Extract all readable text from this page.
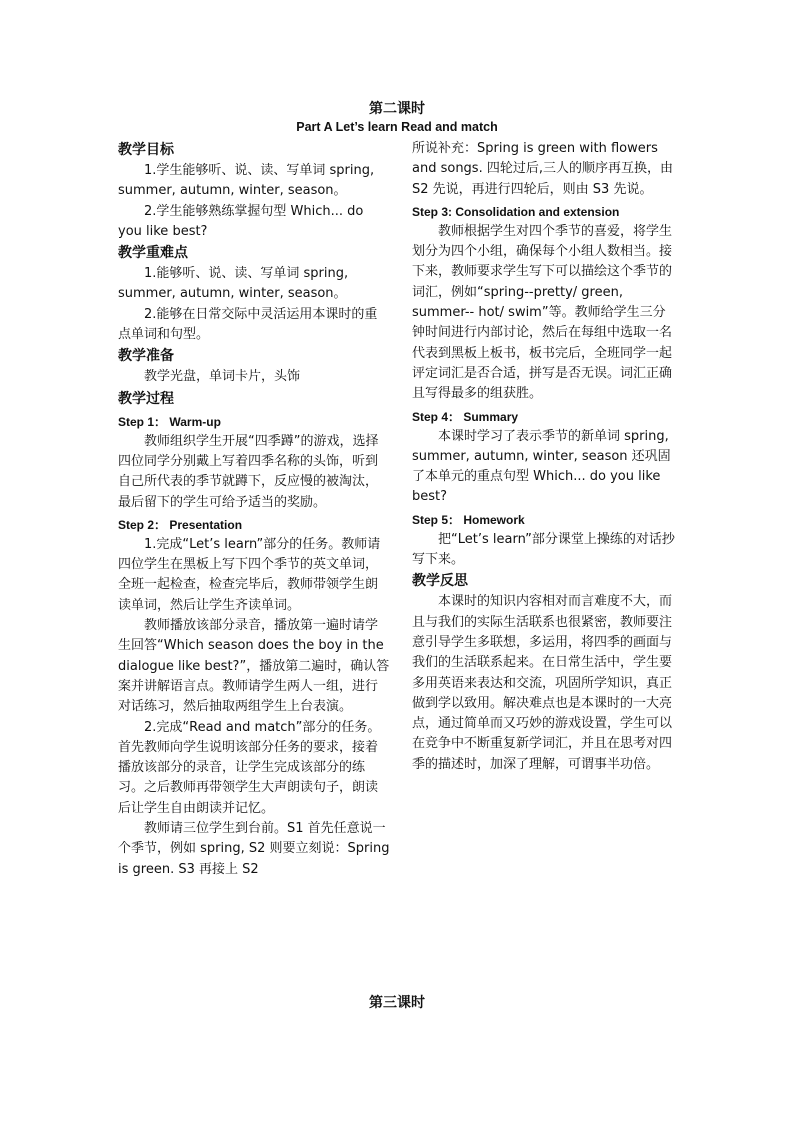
第二课时
Part A Let’s learn Read and match

教学目标

1.学生能够听、说、读、写单词 spring, summer, autumn, winter, season。

2.学生能够熟练掌握句型 Which... do you like best?

教学重难点

1.能够听、说、读、写单词 spring, summer, autumn, winter, season。

2.能够在日常交际中灵活运用本课时的重点单词和句型。

教学准备

教学光盘，单词卡片，头饰

教学过程

Step 1： Warm-up

教师组织学生开展“四季蹲”的游戏，选择四位同学分别戴上写着四季名称的头饰，听到自己所代表的季节就蹲下，反应慢的被淘汰，最后留下的学生可给予适当的奖励。

Step 2： Presentation

1.完成“Let’s learn”部分的任务。教师请四位学生在黑板上写下四个季节的英文单词，全班一起检查，检查完毕后，教师带领学生朗读单词，然后让学生齐读单词。

教师播放该部分录音，播放第一遍时请学生回答“Which season does the boy in the dialogue like best?”，播放第二遍时，确认答案并讲解语言点。教师请学生两人一组，进行对话练习，然后抽取两组学生上台表演。

2.完成“Read and match”部分的任务。首先教师向学生说明该部分任务的要求，接着播放该部分的录音，让学生完成该部分的练习。之后教师再带领学生大声朗读句子，朗读后让学生自由朗读并记忆。

教师请三位学生到台前。S1 首先任意说一个季节，例如 spring, S2 则要立刻说：Spring is green. S3 再接上 S2

所说补充：Spring is green with flowers and songs. 四轮过后,三人的顺序再互换，由 S2 先说，再进行四轮后，则由 S3 先说。

Step 3: Consolidation and extension

教师根据学生对四个季节的喜爱，将学生划分为四个小组，确保每个小组人数相当。接下来，教师要求学生写下可以描绘这个季节的词汇，例如“spring--pretty/ green, summer-- hot/ swim”等。教师给学生三分钟时间进行内部讨论，然后在每组中选取一名代表到黑板上板书，板书完后，全班同学一起评定词汇是否合适，拼写是否无误。词汇正确且写得最多的组获胜。

Step 4： Summary

本课时学习了表示季节的新单词 spring, summer, autumn, winter, season 还巩固了本单元的重点句型 Which... do you like best?

Step 5： Homework

把“Let’s learn”部分课堂上操练的对话抄写下来。

教学反思

本课时的知识内容相对而言难度不大，而且与我们的实际生活联系也很紧密，教师要注意引导学生多联想，多运用，将四季的画面与我们的生活联系起来。在日常生活中，学生要多用英语来表达和交流，巩固所学知识，真正做到学以致用。解决难点也是本课时的一大亮点，通过简单而又巧妙的游戏设置，学生可以在竞争中不断重复新学词汇，并且在思考对四季的描述时，加深了理解，可谓事半功倍。

第三课时
